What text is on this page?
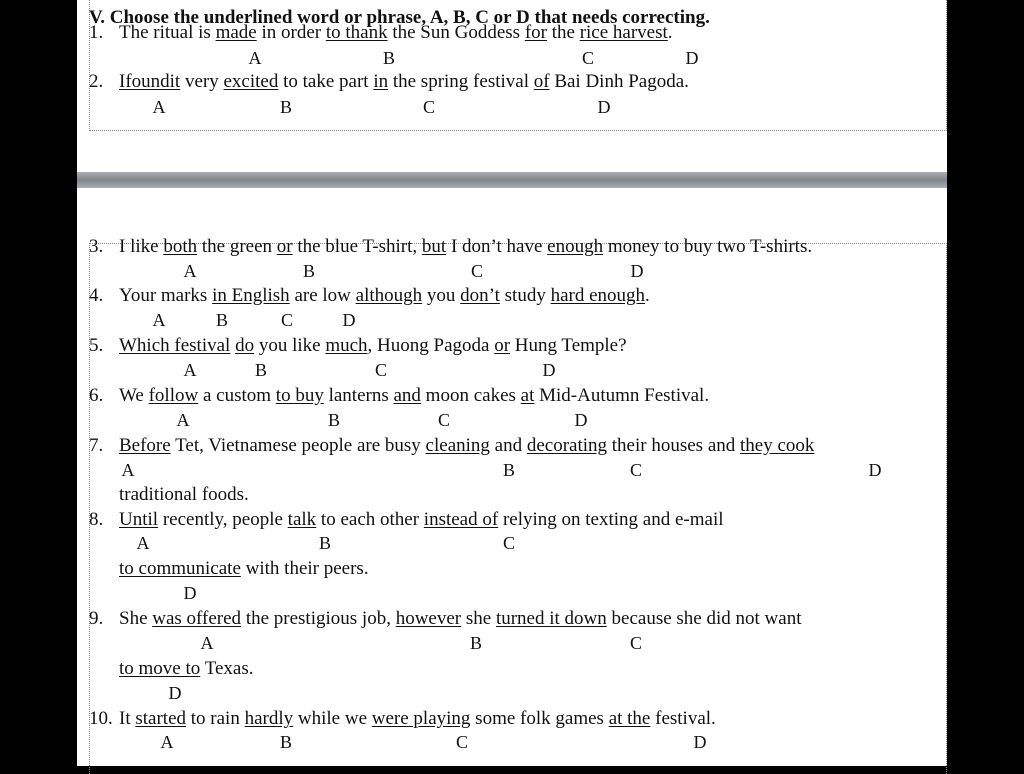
V. Choose the underlined word or phrase, A, B, C or D that needs correcting.
1. The ritual is made in order to thank the Sun Goddess for the rice harvest.
A	B	C	D
2. Ifoundit very excited to take part in the spring festival of Bai Dinh Pagoda.
A	B	C	D
3. I like both the green or the blue T-shirt, but I don’t have enough money to buy two T-shirts.
A	B	C	D
4. Your marks in English are low although you don’t study hard enough.
A	B	C	D
5. Which festival do you like much, Huong Pagoda or Hung Temple?
A	B	C	D
6. We follow a custom to buy lanterns and moon cakes at Mid-Autumn Festival.
A	B	C	D
7. Before Tet, Vietnamese people are busy cleaning and decorating their houses and they cook
traditional foods.
A	B	C	D
8. Until recently, people talk to each other instead of relying on texting and e-mail
to communicate with their peers.
A	B	C
D
9. She was offered the prestigious job, however she turned it down because she did not want
to move to Texas.
A	B	C
D
10. It started to rain hardly while we were playing some folk games at the festival.
A	B	C	D
